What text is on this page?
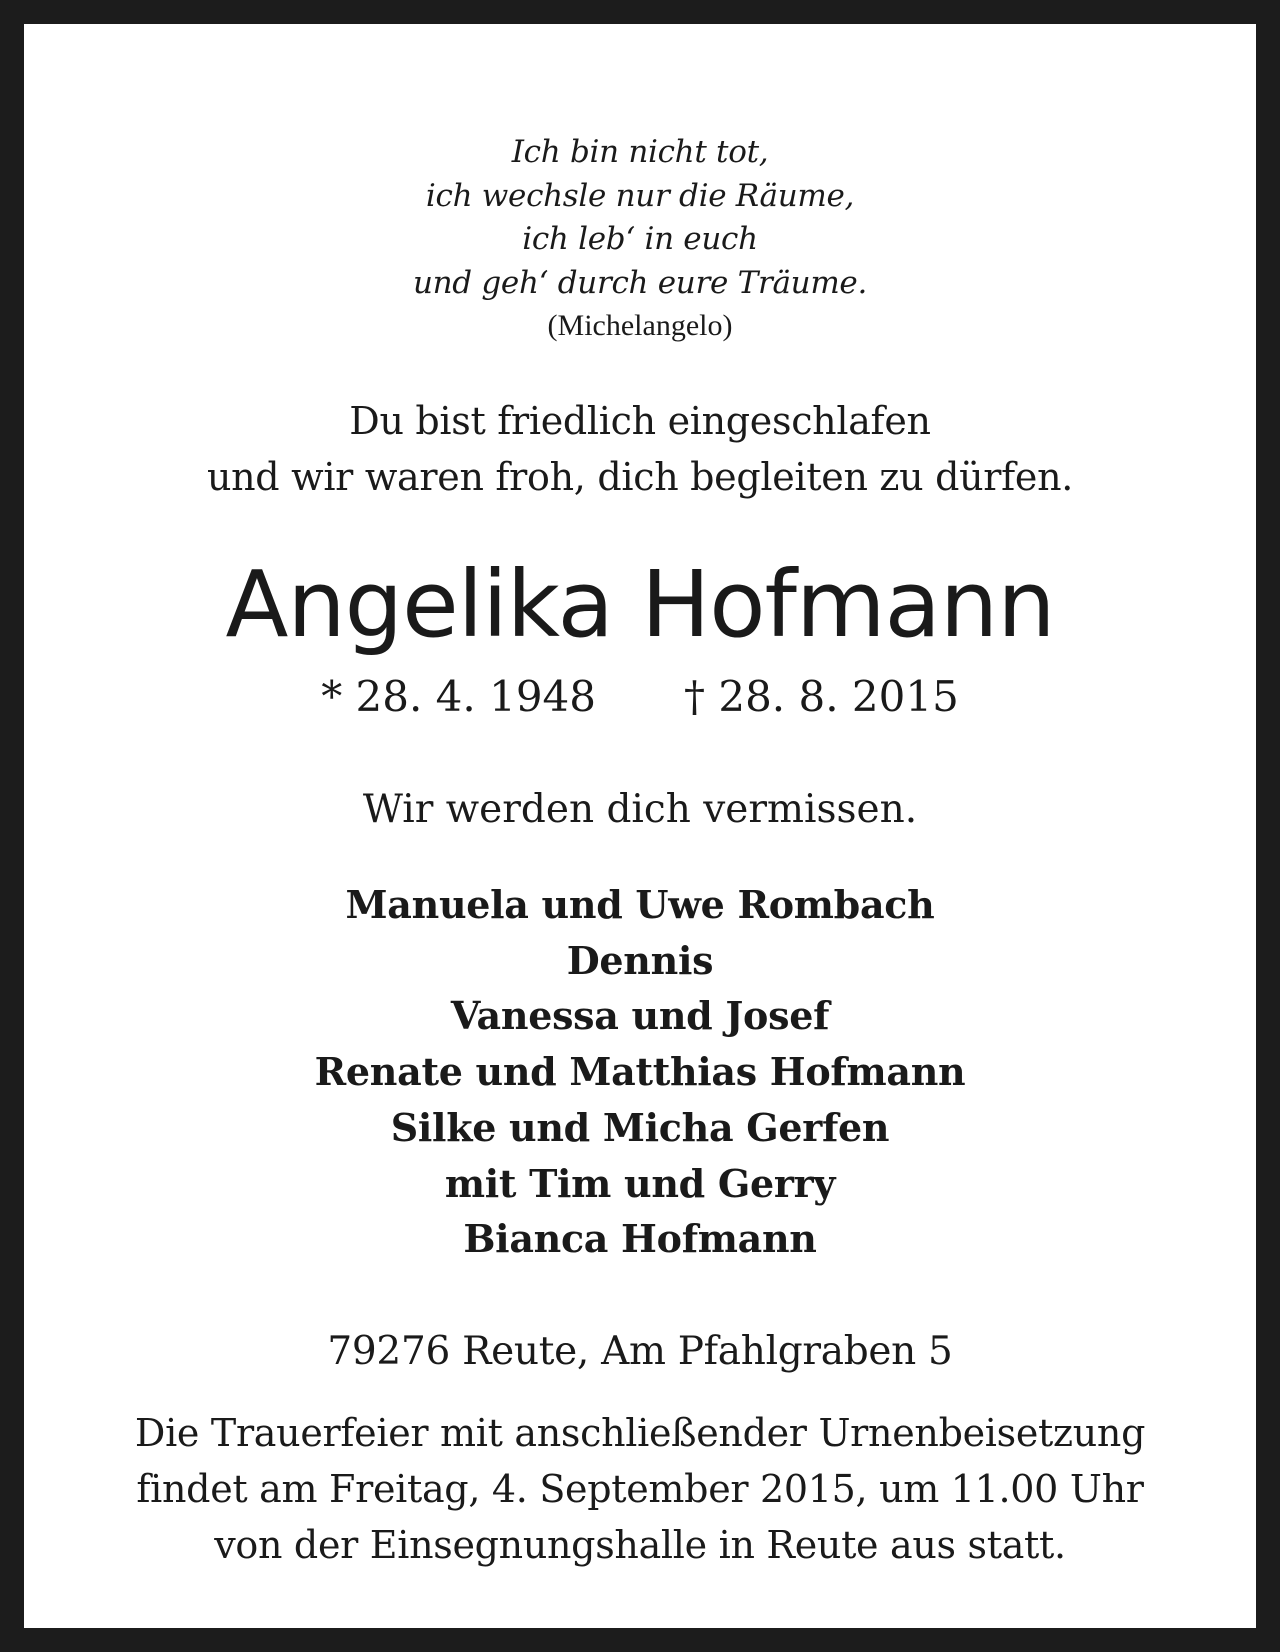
Ich bin nicht tot,

ich wechsle nur die Räume,

ich leb‘ in euch

und geh‘ durch eure Träume.

(Michelangelo)

Du bist friedlich eingeschlafen

und wir waren froh, dich begleiten zu dürfen.

Angelika Hofmann

* 28. 4. 1948 † 28. 8. 2015

Wir werden dich vermissen.

Manuela und Uwe Rombach

Dennis

Vanessa und Josef

Renate und Matthias Hofmann

Silke und Micha Gerfen

mit Tim und Gerry

Bianca Hofmann

79276 Reute, Am Pfahlgraben 5

Die Trauerfeier mit anschließender Urnenbeisetzung

findet am Freitag, 4. September 2015, um 11.00 Uhr

von der Einsegnungshalle in Reute aus statt.
